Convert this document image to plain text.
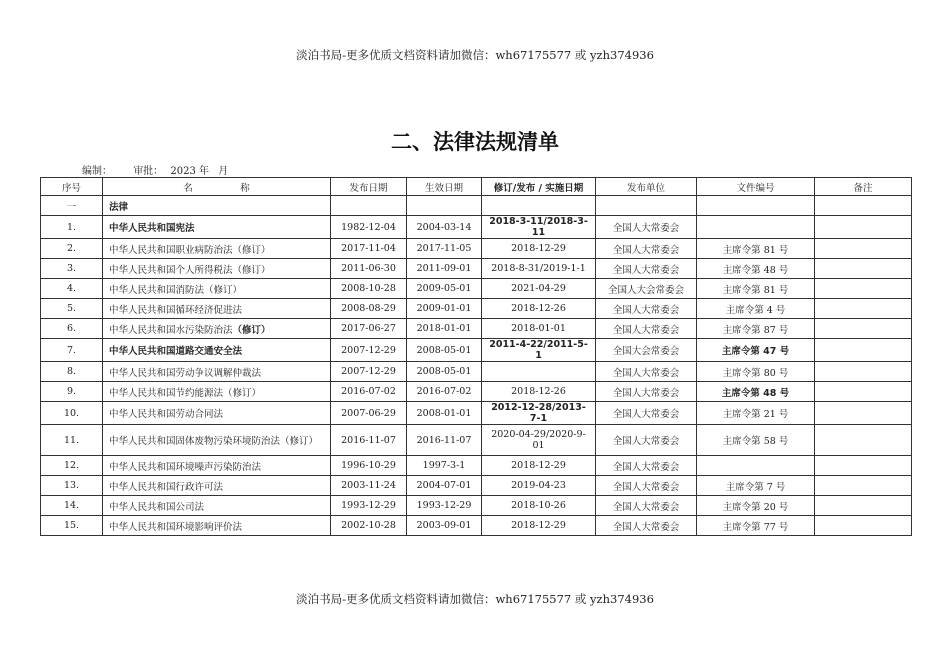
淡泊书局-更多优质文档资料请加微信：wh67175577 或 yzh374936
二、法律法规清单
编制： 审批： 2023 年 月
序号	名　　　　　称	发布日期	生效日期	修订/发布 / 实施日期	发布单位	文件编号	备注
一	法律						
1.	中华人民共和国宪法	1982-12-04	2004-03-14	2018-3-11/2018-3-11	全国人大常委会		
2.	中华人民共和国职业病防治法（修订）	2017-11-04	2017-11-05	2018-12-29	全国人大常委会	主席令第 81 号	
3.	中华人民共和国个人所得税法（修订）	2011-06-30	2011-09-01	2018-8-31/2019-1-1	全国人大常委会	主席令第 48 号	
4.	中华人民共和国消防法（修订）	2008-10-28	2009-05-01	2021-04-29	全国人大会常委会	主席令第 81 号	
5.	中华人民共和国循环经济促进法	2008-08-29	2009-01-01	2018-12-26	全国人大常委会	主席令第 4 号	
6.	中华人民共和国水污染防治法（修订）	2017-06-27	2018-01-01	2018-01-01	全国人大常委会	主席令第 87 号	
7.	中华人民共和国道路交通安全法	2007-12-29	2008-05-01	2011-4-22/2011-5-1	全国大会常委会	主席令第 47 号	
8.	中华人民共和国劳动争议调解仲裁法	2007-12-29	2008-05-01		全国人大常委会	主席令第 80 号	
9.	中华人民共和国节约能源法（修订）	2016-07-02	2016-07-02	2018-12-26	全国人大常委会	主席令第 48 号	
10.	中华人民共和国劳动合同法	2007-06-29	2008-01-01	2012-12-28/2013-7-1	全国人大常委会	主席令第 21 号	
11.	中华人民共和国固体废物污染环境防治法（修订）	2016-11-07	2016-11-07	2020-04-29/2020-9-01	全国人大常委会	主席令第 58 号	
12.	中华人民共和国环境噪声污染防治法	1996-10-29	1997-3-1	2018-12-29	全国人大常委会		
13.	中华人民共和国行政许可法	2003-11-24	2004-07-01	2019-04-23	全国人大常委会	主席令第 7 号	
14.	中华人民共和国公司法	1993-12-29	1993-12-29	2018-10-26	全国人大常委会	主席令第 20 号	
15.	中华人民共和国环境影响评价法	2002-10-28	2003-09-01	2018-12-29	全国人大常委会	主席令第 77 号	
淡泊书局-更多优质文档资料请加微信：wh67175577 或 yzh374936
